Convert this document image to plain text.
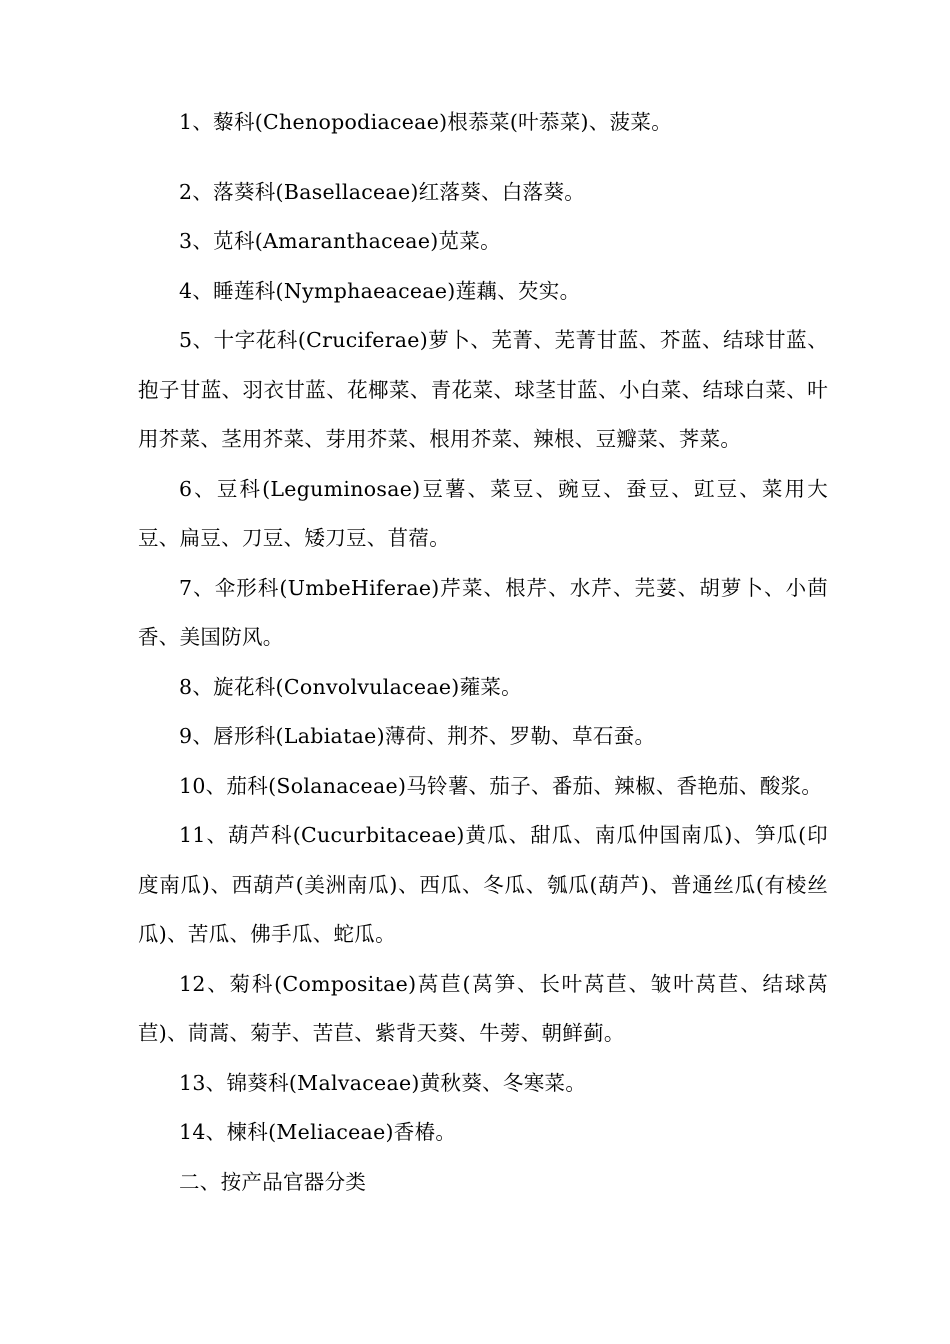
1、藜科(Chenopodiaceae)根菾菜(叶菾菜)、菠菜。

2、落葵科(Basellaceae)红落葵、白落葵。

3、苋科(Amaranthaceae)苋菜。

4、睡莲科(Nymphaeaceae)莲藕、芡实。

5、十字花科(Cruciferae)萝卜、芜菁、芜菁甘蓝、芥蓝、结球甘蓝、抱子甘蓝、羽衣甘蓝、花椰菜、青花菜、球茎甘蓝、小白菜、结球白菜、叶用芥菜、茎用芥菜、芽用芥菜、根用芥菜、辣根、豆瓣菜、荠菜。

6、豆科(Leguminosae)豆薯、菜豆、豌豆、蚕豆、豇豆、菜用大豆、扁豆、刀豆、矮刀豆、苜蓿。

7、伞形科(UmbeHiferae)芹菜、根芹、水芹、芫荽、胡萝卜、小茴香、美国防风。

8、旋花科(Convolvulaceae)蕹菜。

9、唇形科(Labiatae)薄荷、荆芥、罗勒、草石蚕。

10、茄科(Solanaceae)马铃薯、茄子、番茄、辣椒、香艳茄、酸浆。

11、葫芦科(Cucurbitaceae)黄瓜、甜瓜、南瓜仲国南瓜)、笋瓜(印度南瓜)、西葫芦(美洲南瓜)、西瓜、冬瓜、瓠瓜(葫芦)、普通丝瓜(有棱丝瓜)、苦瓜、佛手瓜、蛇瓜。

12、菊科(Compositae)莴苣(莴笋、长叶莴苣、皱叶莴苣、结球莴苣)、茼蒿、菊芋、苦苣、紫背天葵、牛蒡、朝鲜蓟。

13、锦葵科(Malvaceae)黄秋葵、冬寒菜。

14、楝科(Meliaceae)香椿。

二、按产品官器分类
